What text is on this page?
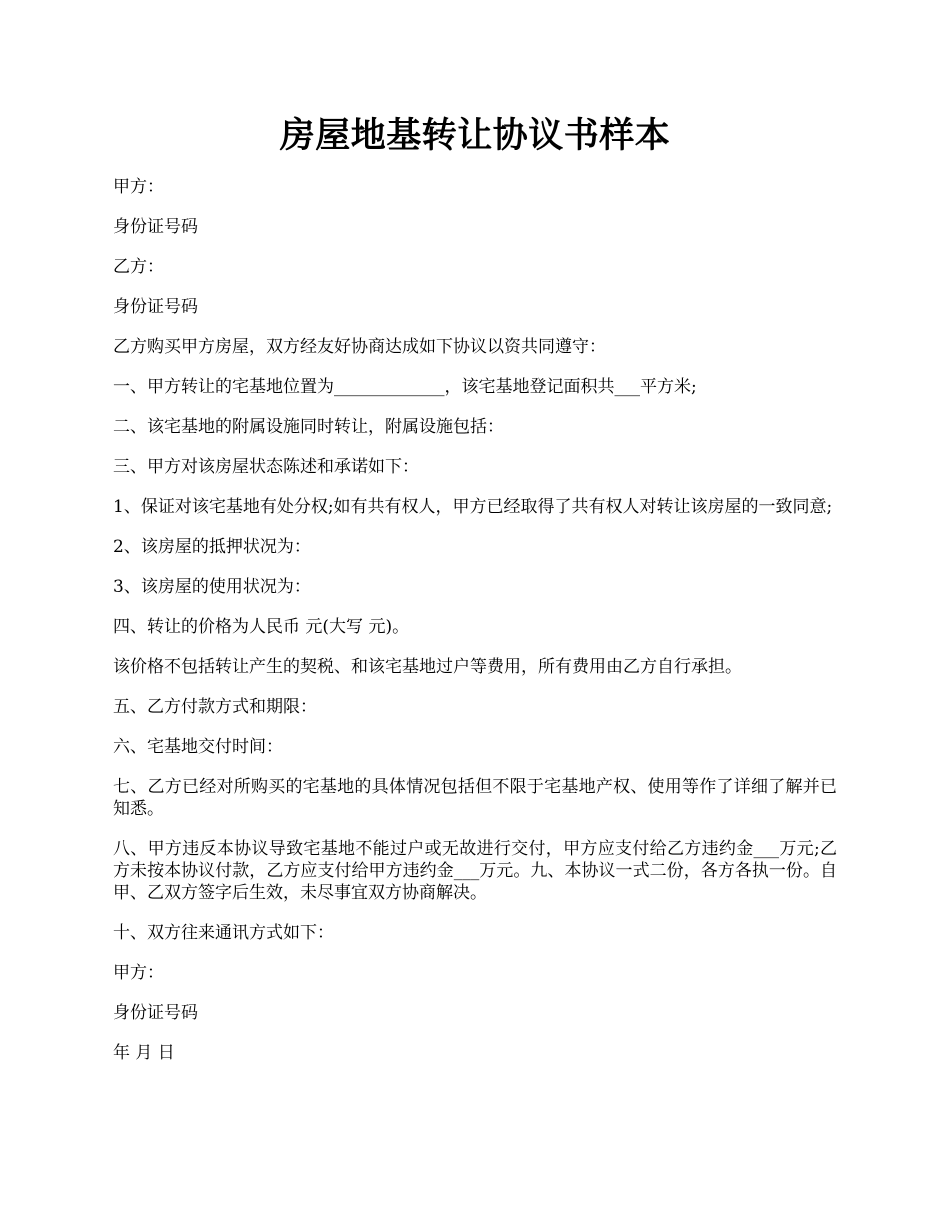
房屋地基转让协议书样本

甲方：

身份证号码

乙方：

身份证号码

乙方购买甲方房屋，双方经友好协商达成如下协议以资共同遵守：

一、甲方转让的宅基地位置为_____________，该宅基地登记面积共___平方米;

二、该宅基地的附属设施同时转让，附属设施包括：

三、甲方对该房屋状态陈述和承诺如下：

1、保证对该宅基地有处分权;如有共有权人，甲方已经取得了共有权人对转让该房屋的一致同意;

2、该房屋的抵押状况为：

3、该房屋的使用状况为：

四、转让的价格为人民币 元(大写 元)。

该价格不包括转让产生的契税、和该宅基地过户等费用，所有费用由乙方自行承担。

五、乙方付款方式和期限：

六、宅基地交付时间：

七、乙方已经对所购买的宅基地的具体情况包括但不限于宅基地产权、使用等作了详细了解并已知悉。

八、甲方违反本协议导致宅基地不能过户或无故进行交付，甲方应支付给乙方违约金___万元;乙方未按本协议付款，乙方应支付给甲方违约金___万元。九、本协议一式二份，各方各执一份。自甲、乙双方签字后生效，未尽事宜双方协商解决。

十、双方往来通讯方式如下：

甲方：

身份证号码

年 月 日
